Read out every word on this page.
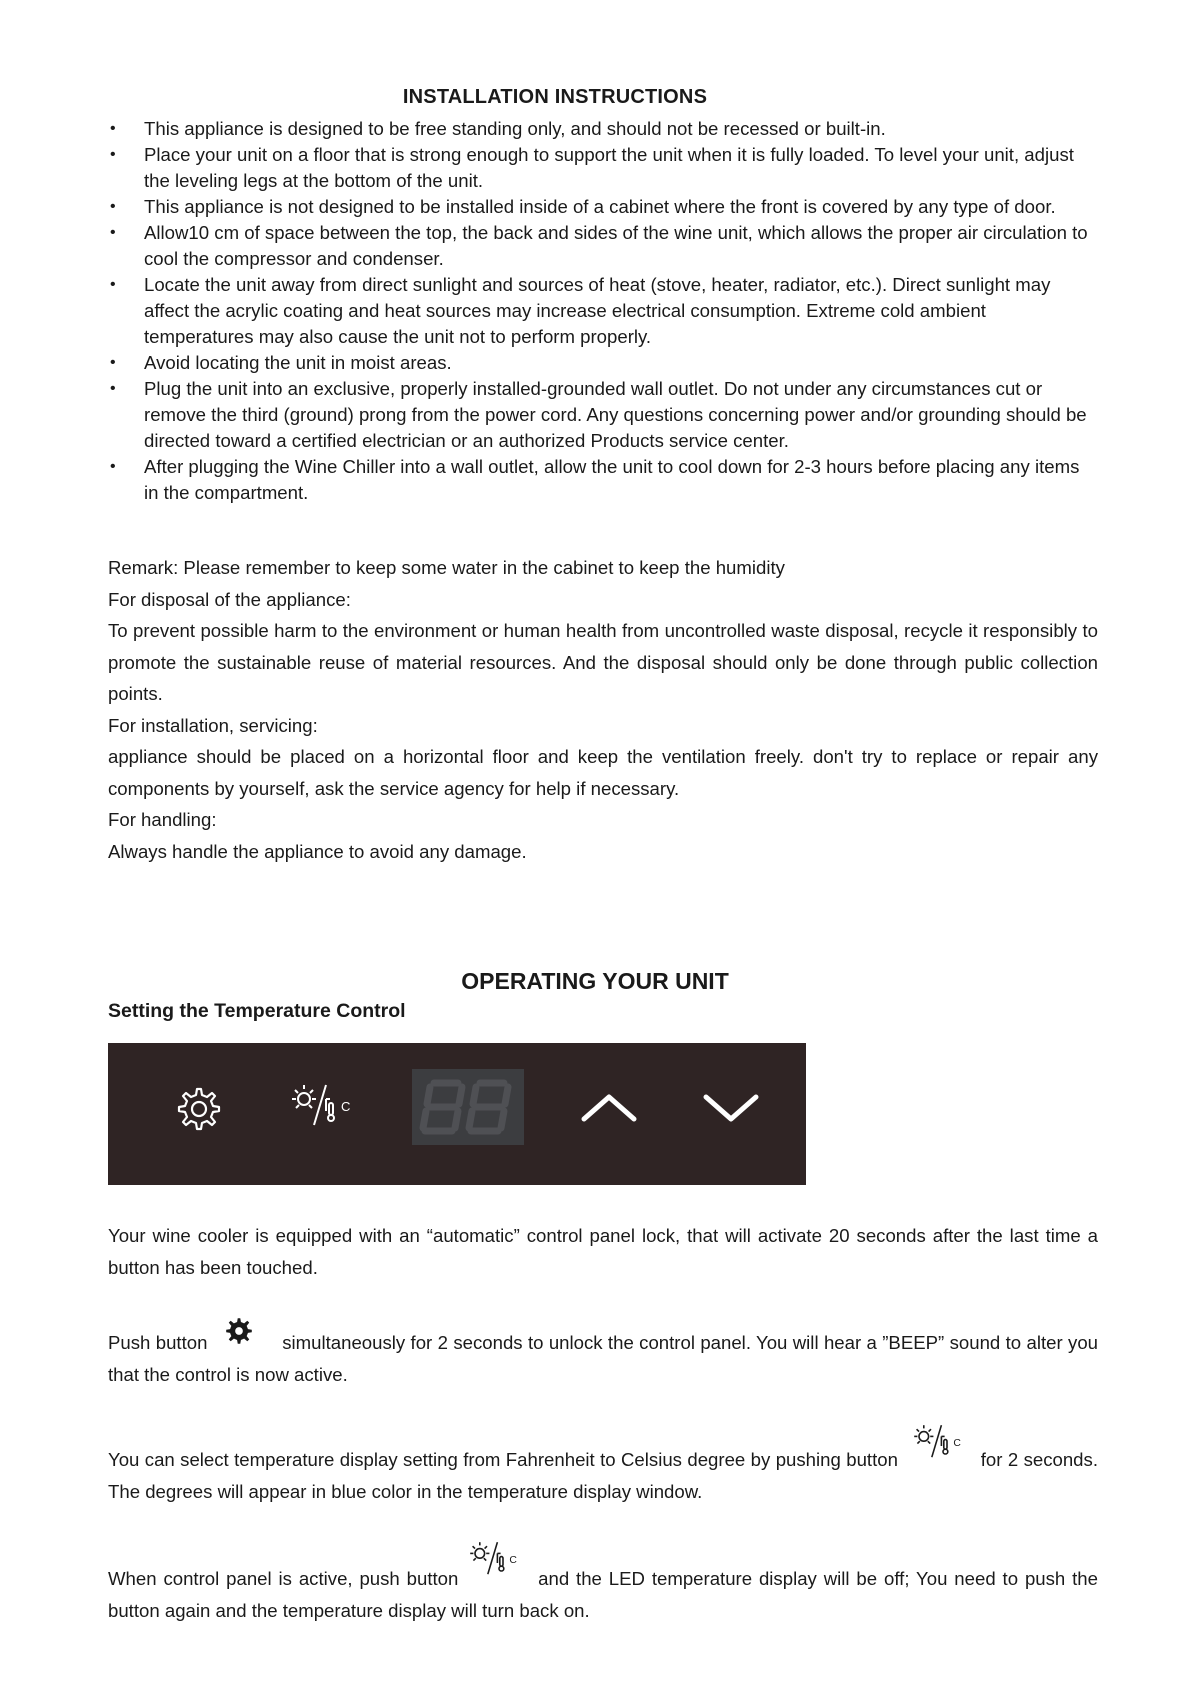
INSTALLATION INSTRUCTIONS
• This appliance is designed to be free standing only, and should not be recessed or built-in.
• Place your unit on a floor that is strong enough to support the unit when it is fully loaded. To level your unit, adjust the leveling legs at the bottom of the unit.
• This appliance is not designed to be installed inside of a cabinet where the front is covered by any type of door.
• Allow10 cm of space between the top, the back and sides of the wine unit, which allows the proper air circulation to cool the compressor and condenser.
• Locate the unit away from direct sunlight and sources of heat (stove, heater, radiator, etc.). Direct sunlight may affect the acrylic coating and heat sources may increase electrical consumption. Extreme cold ambient temperatures may also cause the unit not to perform properly.
• Avoid locating the unit in moist areas.
• Plug the unit into an exclusive, properly installed-grounded wall outlet. Do not under any circumstances cut or remove the third (ground) prong from the power cord. Any questions concerning power and/or grounding should be directed toward a certified electrician or an authorized Products service center.
• After plugging the Wine Chiller into a wall outlet, allow the unit to cool down for 2-3 hours before placing any items in the compartment.

Remark: Please remember to keep some water in the cabinet to keep the humidity

For disposal of the appliance:

To prevent possible harm to the environment or human health from uncontrolled waste disposal, recycle it responsibly to promote the sustainable reuse of material resources. And the disposal should only be done through public collection points.

For installation, servicing:

appliance should be placed on a horizontal floor and keep the ventilation freely. don't try to replace or repair any components by yourself, ask the service agency for help if necessary.

For handling:

Always handle the appliance to avoid any damage.

OPERATING YOUR UNIT
Setting the Temperature Control

Your wine cooler is equipped with an “automatic” control panel lock, that will activate 20 seconds after the last time a button has been touched.

Push button	simultaneously for 2 seconds to unlock the control panel. You will hear a ”BEEP” sound to alter you that the control is now active.

You can select temperature display setting from Fahrenheit to Celsius degree by pushing button	for 2 seconds. The degrees will appear in blue color in the temperature display window.

When control panel is active, push button	and the LED temperature display will be off; You need to push the button again and the temperature display will turn back on.
